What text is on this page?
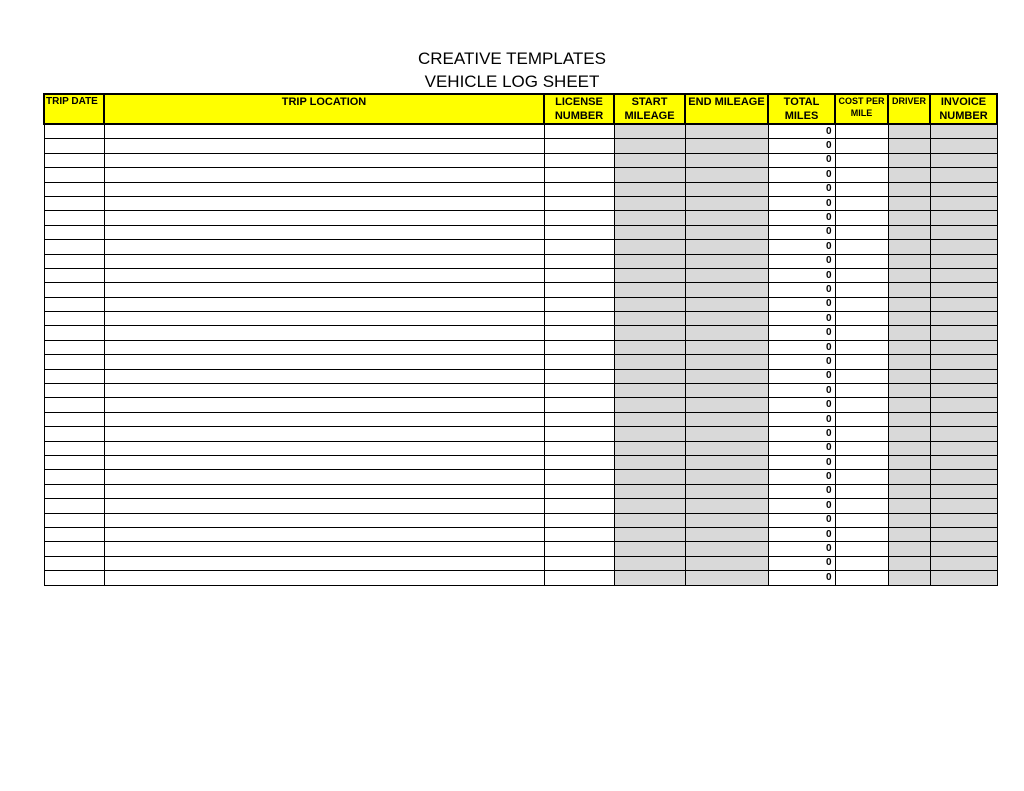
CREATIVE TEMPLATES
VEHICLE LOG SHEET
TRIP DATE	TRIP LOCATION	LICENSE NUMBER	START MILEAGE	END MILEAGE	TOTAL MILES	COST PER MILE	DRIVER	INVOICE NUMBER
					0			
					0			
					0			
					0			
					0			
					0			
					0			
					0			
					0			
					0			
					0			
					0			
					0			
					0			
					0			
					0			
					0			
					0			
					0			
					0			
					0			
					0			
					0			
					0			
					0			
					0			
					0			
					0			
					0			
					0			
					0			
					0			
